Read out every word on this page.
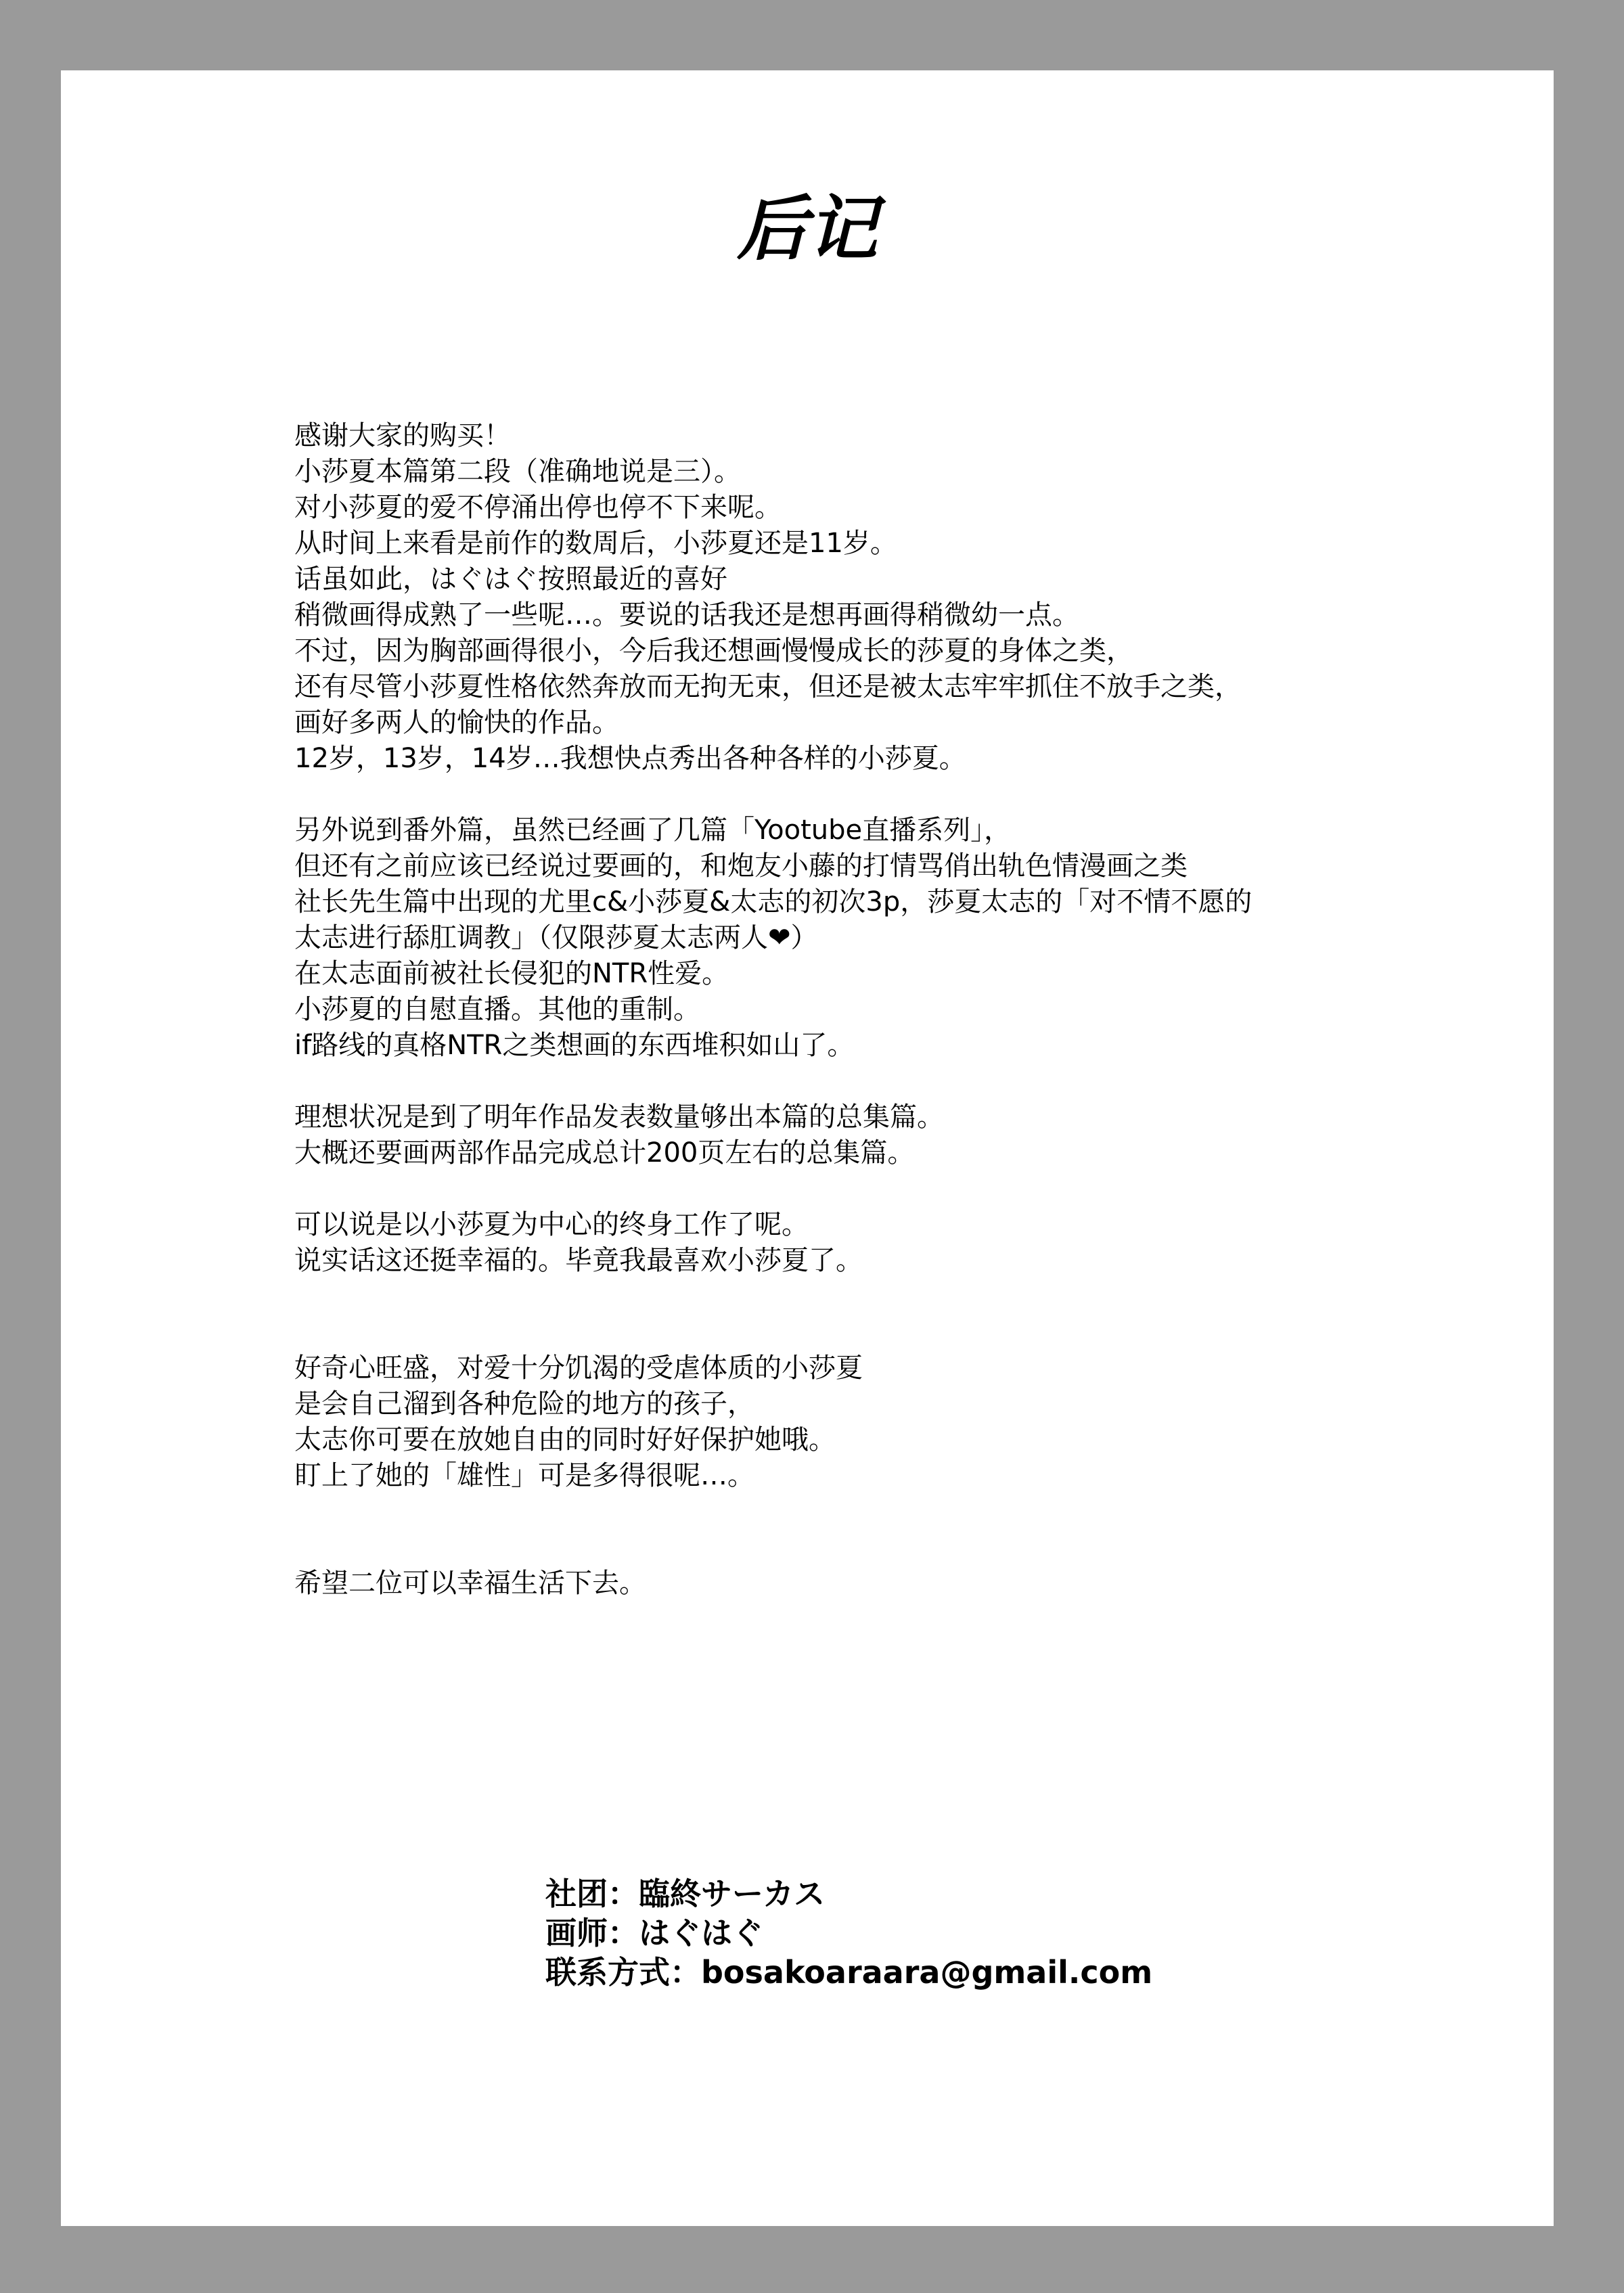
后记
感谢大家的购买！
小莎夏本篇第二段（准确地说是三）。
对小莎夏的爱不停涌出停也停不下来呢。
从时间上来看是前作的数周后，小莎夏还是11岁。
话虽如此，はぐはぐ按照最近的喜好
稍微画得成熟了一些呢…。要说的话我还是想再画得稍微幼一点。
不过，因为胸部画得很小，今后我还想画慢慢成长的莎夏的身体之类，
还有尽管小莎夏性格依然奔放而无拘无束，但还是被太志牢牢抓住不放手之类，
画好多两人的愉快的作品。
12岁，13岁，14岁…我想快点秀出各种各样的小莎夏。
另外说到番外篇，虽然已经画了几篇「Yootube直播系列」，
但还有之前应该已经说过要画的，和炮友小藤的打情骂俏出轨色情漫画之类
社长先生篇中出现的尤里c&小莎夏&太志的初次3p，莎夏太志的「对不情不愿的
太志进行舔肛调教」（仅限莎夏太志两人❤）
在太志面前被社长侵犯的NTR性爱。
小莎夏的自慰直播。其他的重制。
if路线的真格NTR之类想画的东西堆积如山了。
理想状况是到了明年作品发表数量够出本篇的总集篇。
大概还要画两部作品完成总计200页左右的总集篇。
可以说是以小莎夏为中心的终身工作了呢。
说实话这还挺幸福的。毕竟我最喜欢小莎夏了。
好奇心旺盛，对爱十分饥渴的受虐体质的小莎夏
是会自己溜到各种危险的地方的孩子，
太志你可要在放她自由的同时好好保护她哦。
盯上了她的「雄性」可是多得很呢…。
希望二位可以幸福生活下去。
社团：臨終サーカス
画师：はぐはぐ
联系方式：bosakoaraara@gmail.com
